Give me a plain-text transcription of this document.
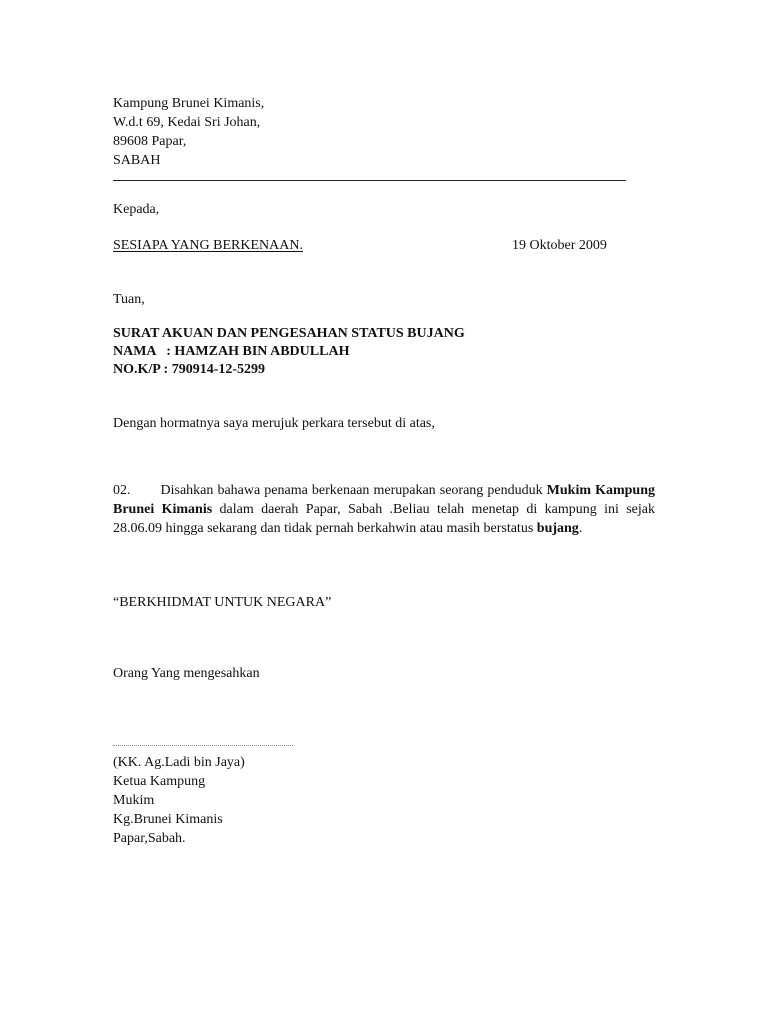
Kampung Brunei Kimanis,

W.d.t 69, Kedai Sri Johan,

89608 Papar,

SABAH

Kepada,

SESIAPA YANG BERKENAAN.	19 Oktober 2009

Tuan,

SURAT AKUAN DAN PENGESAHAN STATUS BUJANG

NAMA   : HAMZAH BIN ABDULLAH

NO.K/P : 790914-12-5299

Dengan hormatnya saya merujuk perkara tersebut di atas,

02. Disahkan bahawa penama berkenaan merupakan seorang penduduk Mukim Kampung Brunei Kimanis dalam daerah Papar, Sabah .Beliau telah menetap di kampung ini sejak 28.06.09 hingga sekarang dan tidak pernah berkahwin atau masih berstatus bujang.

“BERKHIDMAT UNTUK NEGARA”

Orang Yang mengesahkan

(KK. Ag.Ladi bin Jaya)

Ketua Kampung

Mukim

Kg.Brunei Kimanis

Papar,Sabah.
